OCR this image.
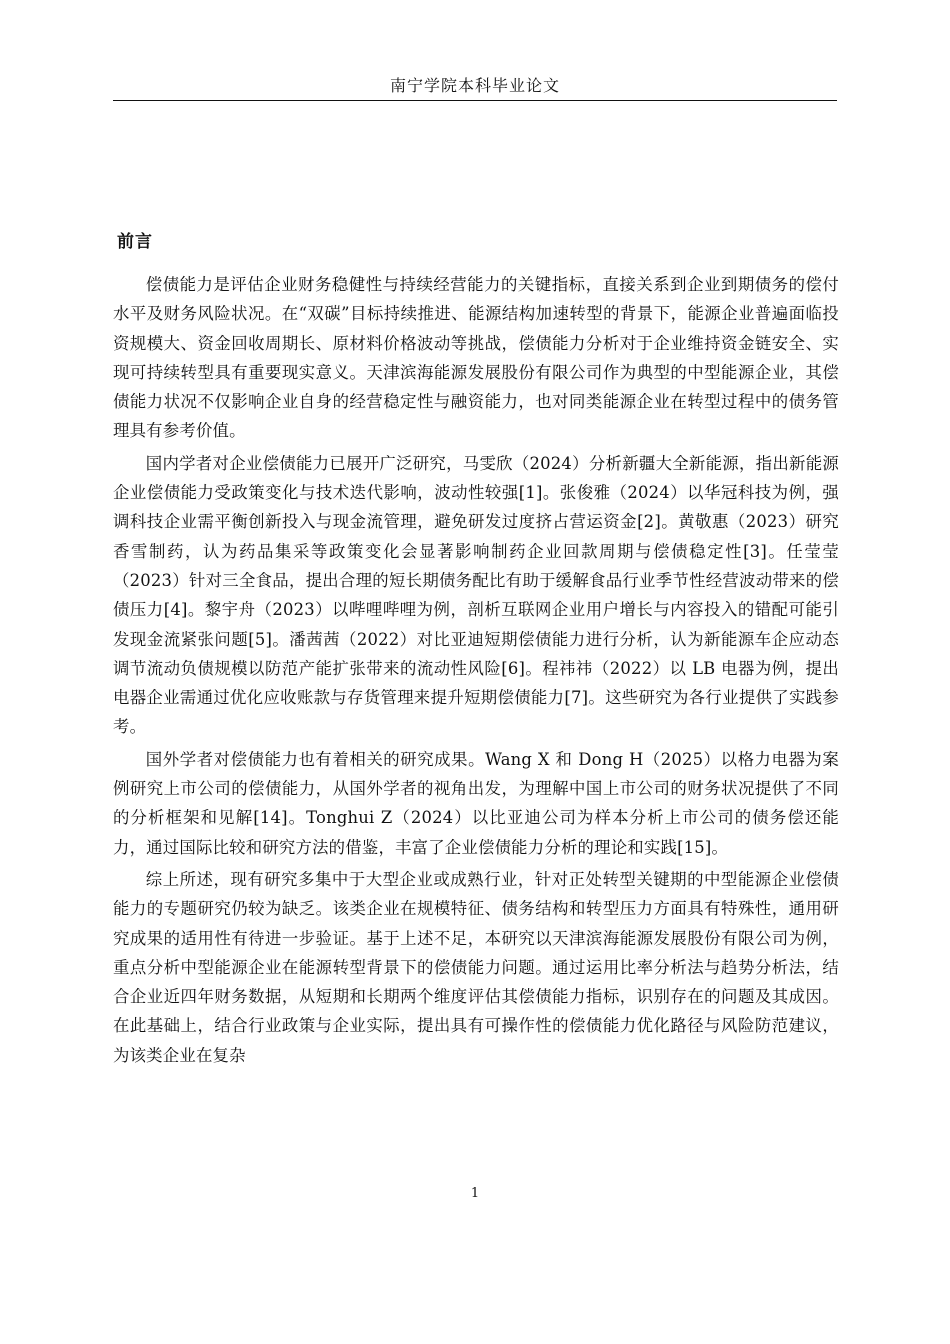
南宁学院本科毕业论文
前言

偿债能力是评估企业财务稳健性与持续经营能力的关键指标，直接关系到企业到期债务的偿付水平及财务风险状况。在“双碳”目标持续推进、能源结构加速转型的背景下，能源企业普遍面临投资规模大、资金回收周期长、原材料价格波动等挑战，偿债能力分析对于企业维持资金链安全、实现可持续转型具有重要现实意义。天津滨海能源发展股份有限公司作为典型的中型能源企业，其偿债能力状况不仅影响企业自身的经营稳定性与融资能力，也对同类能源企业在转型过程中的债务管理具有参考价值。

国内学者对企业偿债能力已展开广泛研究，马雯欣（2024）分析新疆大全新能源，指出新能源企业偿债能力受政策变化与技术迭代影响，波动性较强[1]。张俊雅（2024）以华冠科技为例，强调科技企业需平衡创新投入与现金流管理，避免研发过度挤占营运资金[2]。黄敬惠（2023）研究香雪制药，认为药品集采等政策变化会显著影响制药企业回款周期与偿债稳定性[3]。任莹莹（2023）针对三全食品，提出合理的短长期债务配比有助于缓解食品行业季节性经营波动带来的偿债压力[4]。黎宇舟（2023）以哔哩哔哩为例，剖析互联网企业用户增长与内容投入的错配可能引发现金流紧张问题[5]。潘茜茜（2022）对比亚迪短期偿债能力进行分析，认为新能源车企应动态调节流动负债规模以防范产能扩张带来的流动性风险[6]。程祎祎（2022）以 LB 电器为例，提出电器企业需通过优化应收账款与存货管理来提升短期偿债能力[7]。这些研究为各行业提供了实践参考。

国外学者对偿债能力也有着相关的研究成果。Wang X 和 Dong H（2025）以格力电器为案例研究上市公司的偿债能力，从国外学者的视角出发，为理解中国上市公司的财务状况提供了不同的分析框架和见解[14]。Tonghui Z（2024）以比亚迪公司为样本分析上市公司的债务偿还能力，通过国际比较和研究方法的借鉴，丰富了企业偿债能力分析的理论和实践[15]。

综上所述，现有研究多集中于大型企业或成熟行业，针对正处转型关键期的中型能源企业偿债能力的专题研究仍较为缺乏。该类企业在规模特征、债务结构和转型压力方面具有特殊性，通用研究成果的适用性有待进一步验证。基于上述不足，本研究以天津滨海能源发展股份有限公司为例，重点分析中型能源企业在能源转型背景下的偿债能力问题。通过运用比率分析法与趋势分析法，结合企业近四年财务数据，从短期和长期两个维度评估其偿债能力指标，识别存在的问题及其成因。在此基础上，结合行业政策与企业实际，提出具有可操作性的偿债能力优化路径与风险防范建议，为该类企业在复杂

1
